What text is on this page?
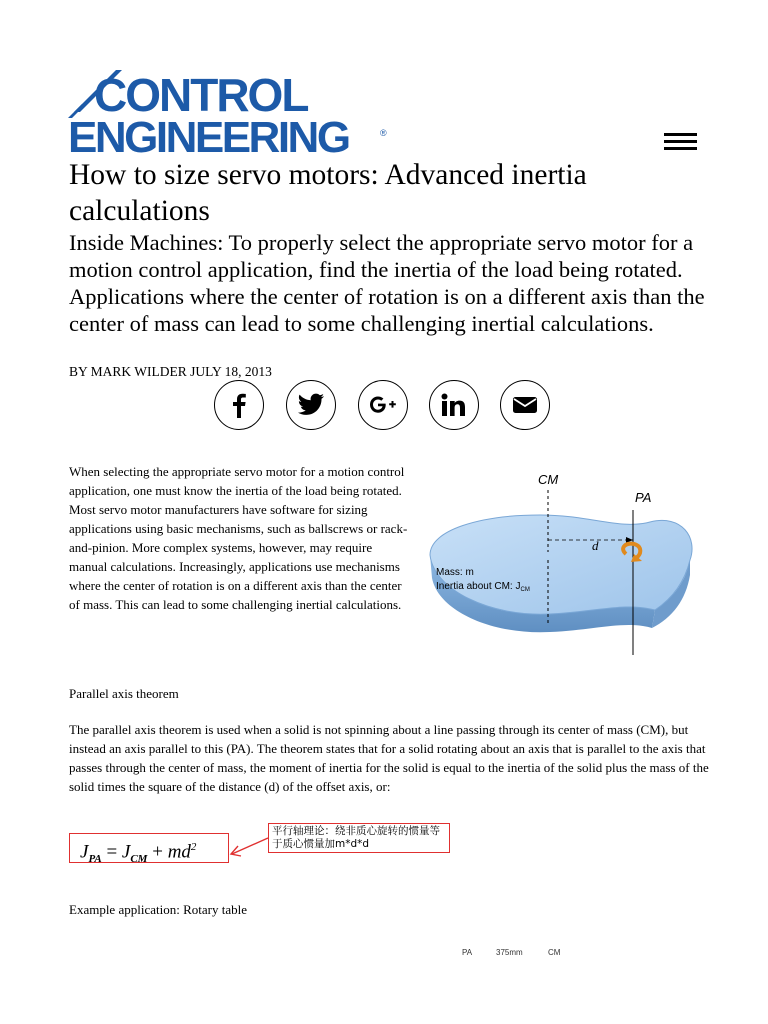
CONTROL
ENGINEERING	®
How to size servo motors: Advanced inertia calculations
Inside Machines: To properly select the appropriate servo motor for a motion control application, find the inertia of the load being rotated. Applications where the center of rotation is on a different axis than the center of mass can lead to some challenging inertial calculations.
BY MARK WILDER JULY 18, 2013
When selecting the appropriate servo motor for a motion control application, one must know the inertia of the load being rotated. Most servo motor manufacturers have software for sizing applications using basic mechanisms, such as ballscrews or rack-and-pinion. More complex systems, however, may require manual calculations. Increasingly, applications use mechanisms where the center of rotation is on a different axis than the center of mass. This can lead to some challenging inertial calculations.
CM
PA
d
Mass: m
Inertia about CM: $J_{CM}$
Parallel axis theorem
The parallel axis theorem is used when a solid is not spinning about a line passing through its center of mass (CM), but instead an axis parallel to this (PA). The theorem states that for a solid rotating about an axis that is parallel to the axis that passes through the center of mass, the moment of inertia for the solid is equal to the inertia of the solid plus the mass of the solid times the square of the distance (d) of the offset axis, or:
$J_{PA} = J_{CM} + md^2$
平行轴理论：绕非质心旋转的惯量等于质心惯量加m*d*d
Example application: Rotary table
PA	375mm	CM
